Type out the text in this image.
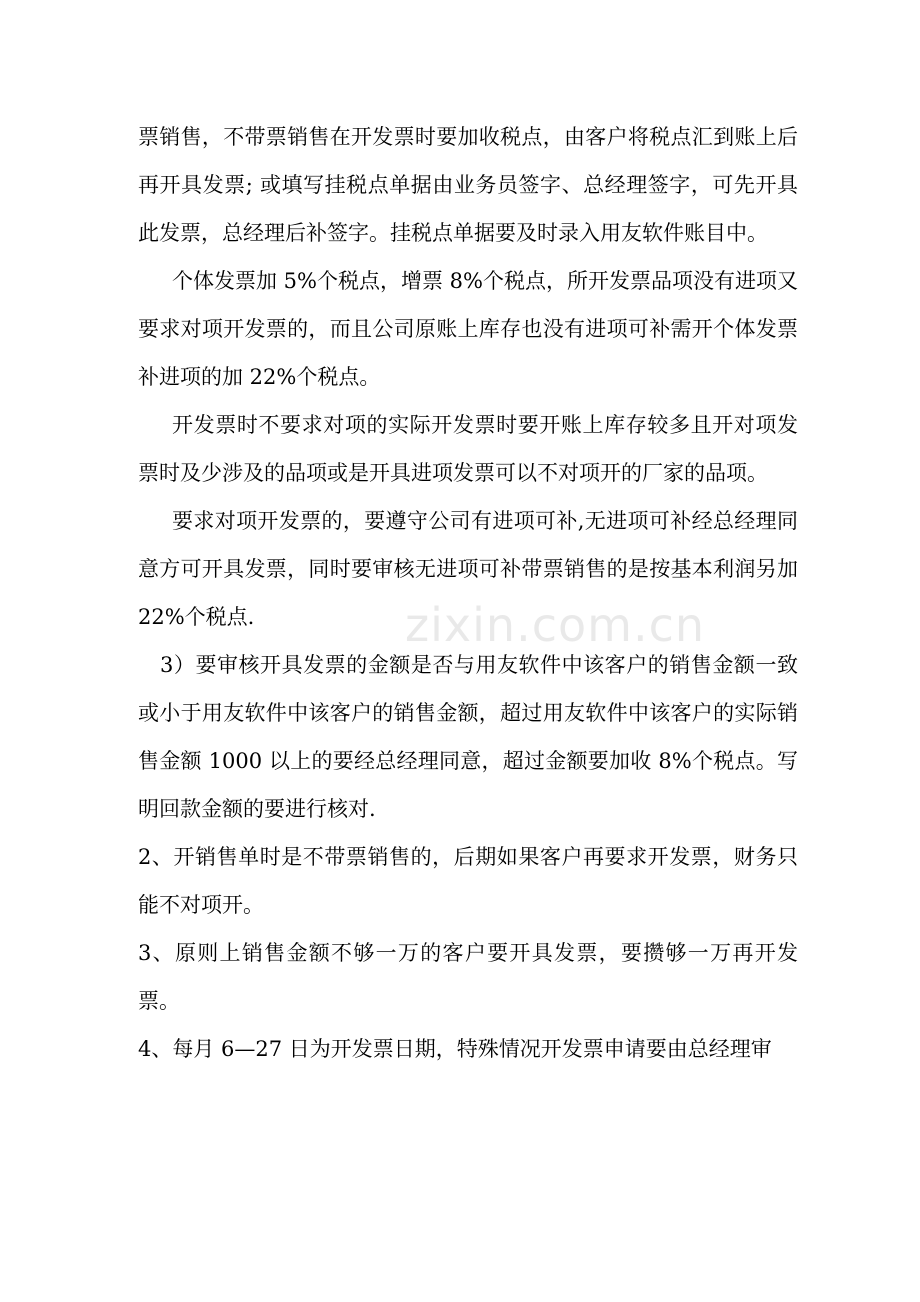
票销售，不带票销售在开发票时要加收税点，由客户将税点汇到账上后再开具发票; 或填写挂税点单据由业务员签字、总经理签字，可先开具此发票，总经理后补签字。挂税点单据要及时录入用友软件账目中。

个体发票加 5%个税点，增票 8%个税点，所开发票品项没有进项又要求对项开发票的，而且公司原账上库存也没有进项可补需开个体发票补进项的加 22%个税点。

开发票时不要求对项的实际开发票时要开账上库存较多且开对项发票时及少涉及的品项或是开具进项发票可以不对项开的厂家的品项。

要求对项开发票的，要遵守公司有进项可补,无进项可补经总经理同意方可开具发票，同时要审核无进项可补带票销售的是按基本利润另加 22%个税点.

3）要审核开具发票的金额是否与用友软件中该客户的销售金额一致或小于用友软件中该客户的销售金额，超过用友软件中该客户的实际销售金额 1000 以上的要经总经理同意，超过金额要加收 8%个税点。写明回款金额的要进行核对.

2、开销售单时是不带票销售的，后期如果客户再要求开发票，财务只能不对项开。

3、原则上销售金额不够一万的客户要开具发票，要攒够一万再开发票。

4、每月 6—27 日为开发票日期，特殊情况开发票申请要由总经理审

zixin.com.cn
